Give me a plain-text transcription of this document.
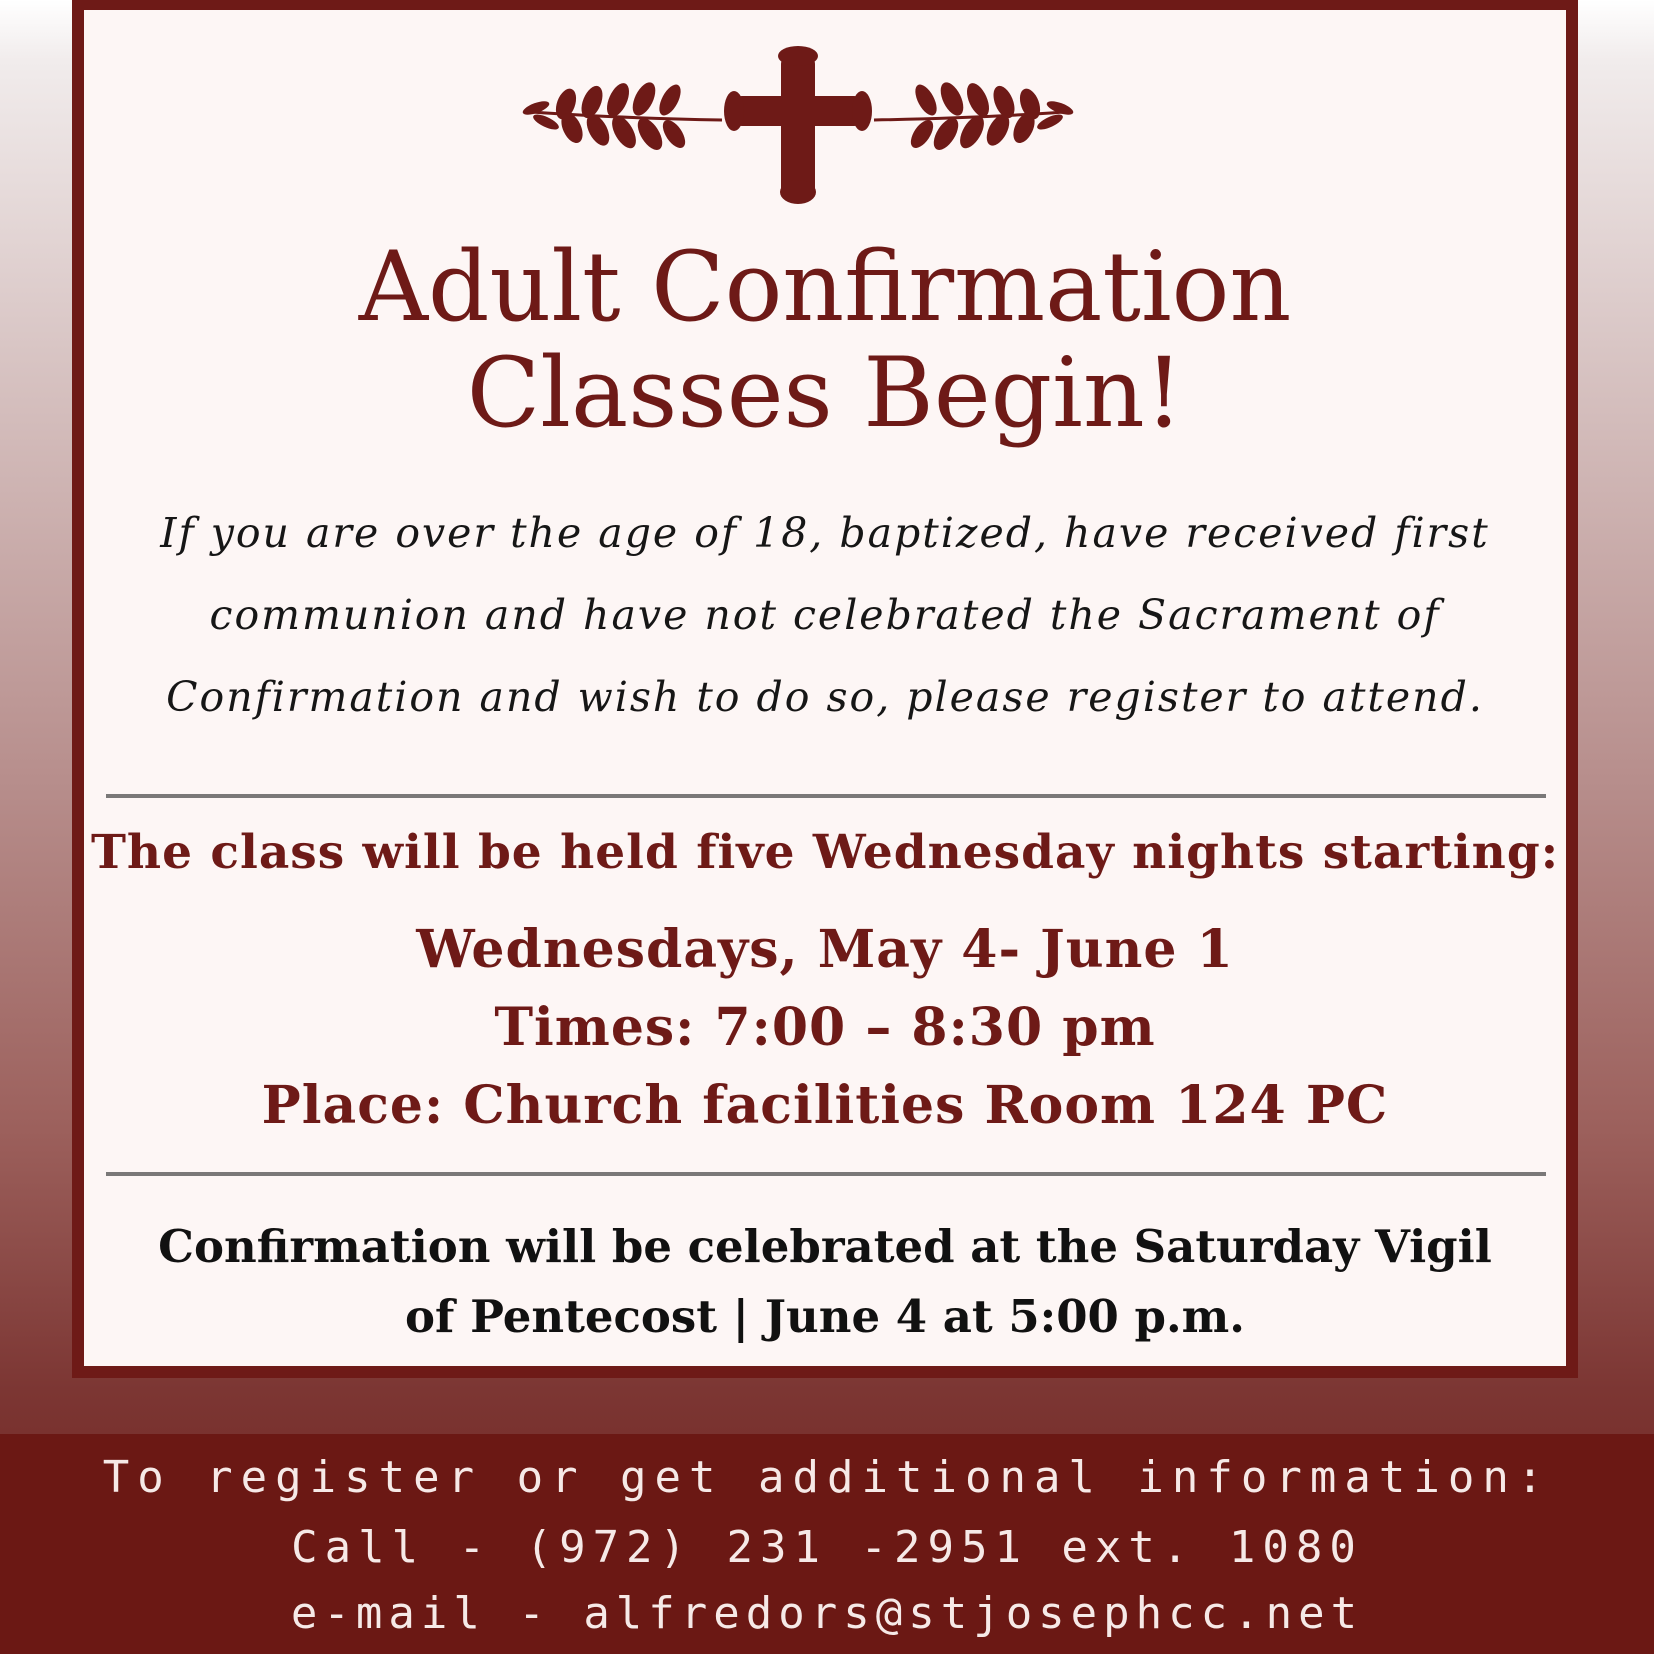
Adult Confirmation
Classes Begin!

If you are over the age of 18, baptized, have received first communion and have not celebrated the Sacrament of Confirmation and wish to do so, please register to attend.

The class will be held five Wednesday nights starting:

Wednesdays, May 4- June 1

Times: 7:00 – 8:30 pm

Place: Church facilities Room 124 PC

Confirmation will be celebrated at the Saturday Vigil of Pentecost | June 4 at 5:00 p.m.

To register or get additional information:

Call - (972) 231 -2951 ext. 1080

e-mail - alfredors@stjosephcc.net
